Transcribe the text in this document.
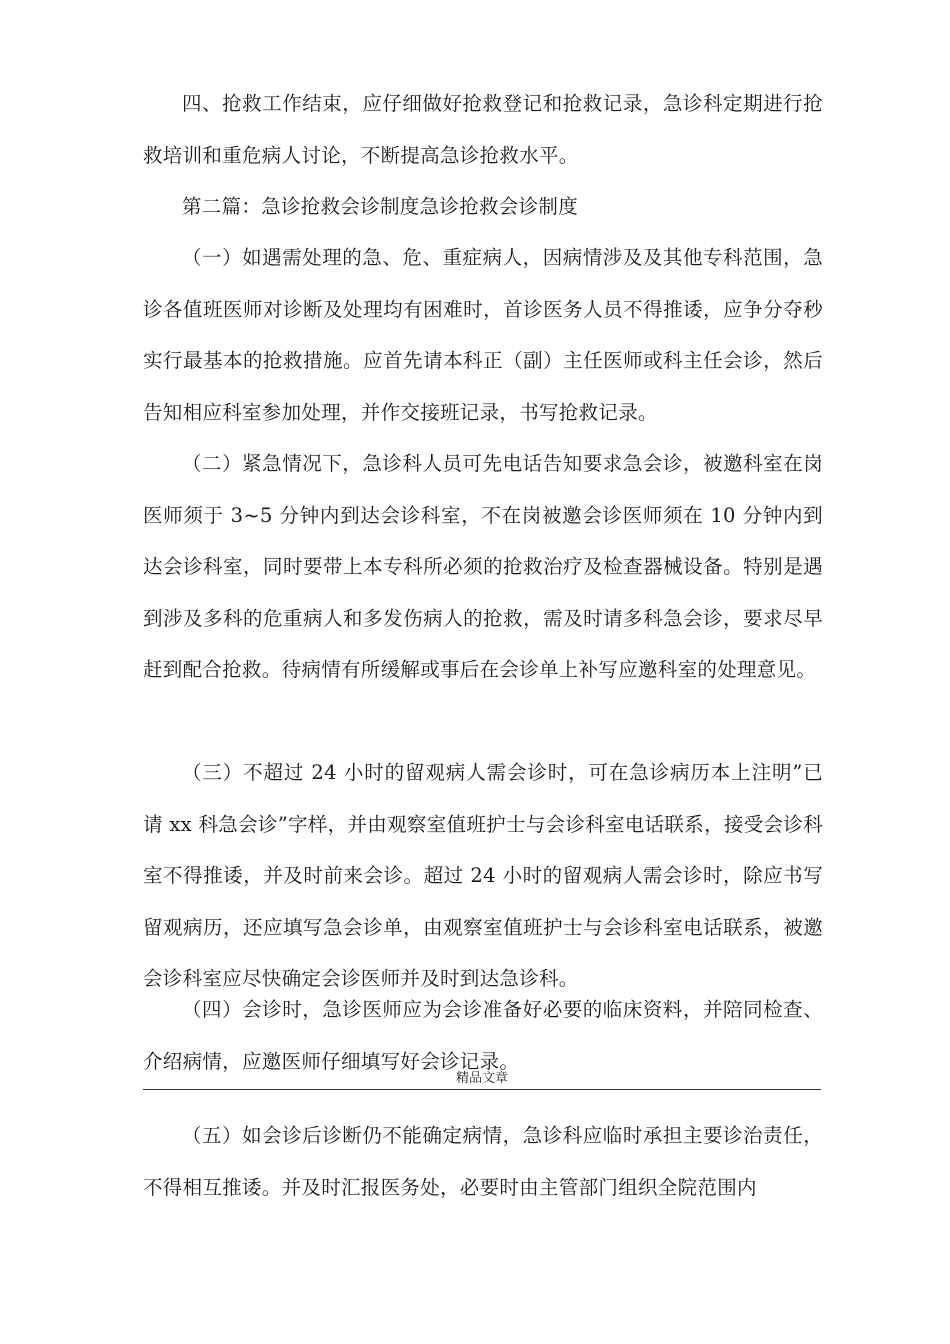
四、抢救工作结束，应仔细做好抢救登记和抢救记录，急诊科定期进行抢救培训和重危病人讨论，不断提高急诊抢救水平。

第二篇：急诊抢救会诊制度急诊抢救会诊制度

（一）如遇需处理的急、危、重症病人，因病情涉及及其他专科范围，急诊各值班医师对诊断及处理均有困难时，首诊医务人员不得推诿，应争分夺秒实行最基本的抢救措施。应首先请本科正（副）主任医师或科主任会诊，然后告知相应科室参加处理，并作交接班记录，书写抢救记录。

（二）紧急情况下，急诊科人员可先电话告知要求急会诊，被邀科室在岗医师须于 3~5 分钟内到达会诊科室，不在岗被邀会诊医师须在 10 分钟内到达会诊科室，同时要带上本专科所必须的抢救治疗及检查器械设备。特别是遇到涉及多科的危重病人和多发伤病人的抢救，需及时请多科急会诊，要求尽早赶到配合抢救。待病情有所缓解或事后在会诊单上补写应邀科室的处理意见。

（三）不超过 24 小时的留观病人需会诊时，可在急诊病历本上注明”已请 xx 科急会诊”字样，并由观察室值班护士与会诊科室电话联系，接受会诊科室不得推诿，并及时前来会诊。超过 24 小时的留观病人需会诊时，除应书写留观病历，还应填写急会诊单，由观察室值班护士与会诊科室电话联系，被邀会诊科室应尽快确定会诊医师并及时到达急诊科。

（四）会诊时，急诊医师应为会诊准备好必要的临床资料，并陪同检查、介绍病情，应邀医师仔细填写好会诊记录。

精品文章

（五）如会诊后诊断仍不能确定病情，急诊科应临时承担主要诊治责任，不得相互推诿。并及时汇报医务处，必要时由主管部门组织全院范围内
